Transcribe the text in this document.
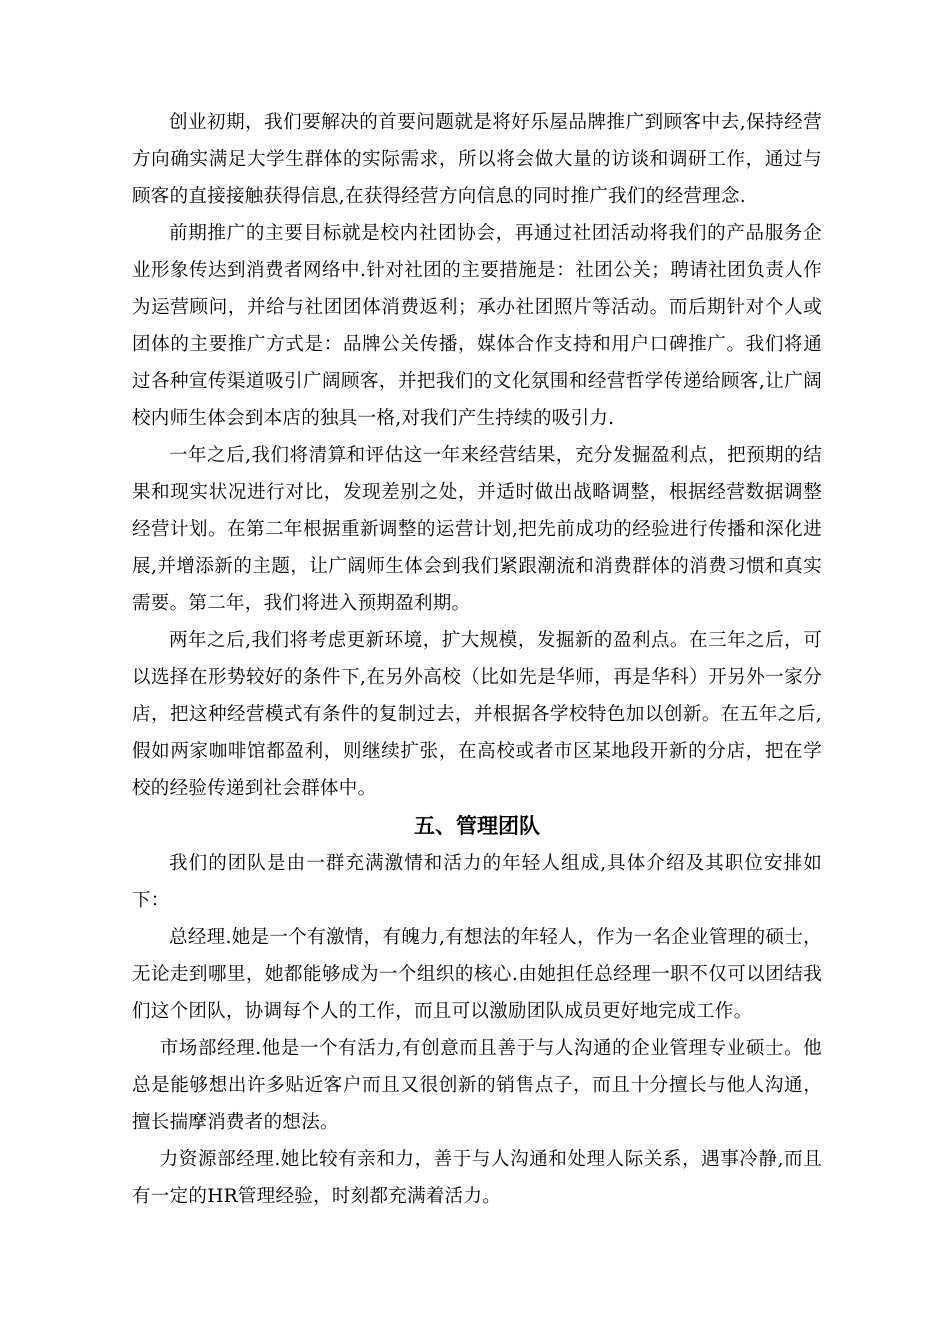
创业初期，我们要解决的首要问题就是将好乐屋品牌推广到顾客中去,保持经营方向确实满足大学生群体的实际需求，所以将会做大量的访谈和调研工作，通过与顾客的直接接触获得信息,在获得经营方向信息的同时推广我们的经营理念.

前期推广的主要目标就是校内社团协会，再通过社团活动将我们的产品服务企业形象传达到消费者网络中.针对社团的主要措施是：社团公关；聘请社团负责人作为运营顾问，并给与社团团体消费返利；承办社团照片等活动。而后期针对个人或团体的主要推广方式是：品牌公关传播，媒体合作支持和用户口碑推广。我们将通过各种宣传渠道吸引广阔顾客，并把我们的文化氛围和经营哲学传递给顾客,让广阔校内师生体会到本店的独具一格,对我们产生持续的吸引力.

一年之后,我们将清算和评估这一年来经营结果，充分发掘盈利点，把预期的结果和现实状况进行对比，发现差别之处，并适时做出战略调整，根据经营数据调整经营计划。在第二年根据重新调整的运营计划,把先前成功的经验进行传播和深化进展,并增添新的主题，让广阔师生体会到我们紧跟潮流和消费群体的消费习惯和真实需要。第二年，我们将进入预期盈利期。

两年之后,我们将考虑更新环境，扩大规模，发掘新的盈利点。在三年之后，可以选择在形势较好的条件下,在另外高校（比如先是华师，再是华科）开另外一家分店，把这种经营模式有条件的复制过去，并根据各学校特色加以创新。在五年之后,假如两家咖啡馆都盈利，则继续扩张，在高校或者市区某地段开新的分店，把在学校的经验传递到社会群体中。

五、管理团队

我们的团队是由一群充满激情和活力的年轻人组成,具体介绍及其职位安排如下：

总经理.她是一个有激情，有魄力,有想法的年轻人，作为一名企业管理的硕士，无论走到哪里，她都能够成为一个组织的核心.由她担任总经理一职不仅可以团结我们这个团队，协调每个人的工作，而且可以激励团队成员更好地完成工作。

市场部经理.他是一个有活力,有创意而且善于与人沟通的企业管理专业硕士。他总是能够想出许多贴近客户而且又很创新的销售点子，而且十分擅长与他人沟通，擅长揣摩消费者的想法。

力资源部经理.她比较有亲和力，善于与人沟通和处理人际关系，遇事冷静,而且有一定的HR管理经验，时刻都充满着活力。
